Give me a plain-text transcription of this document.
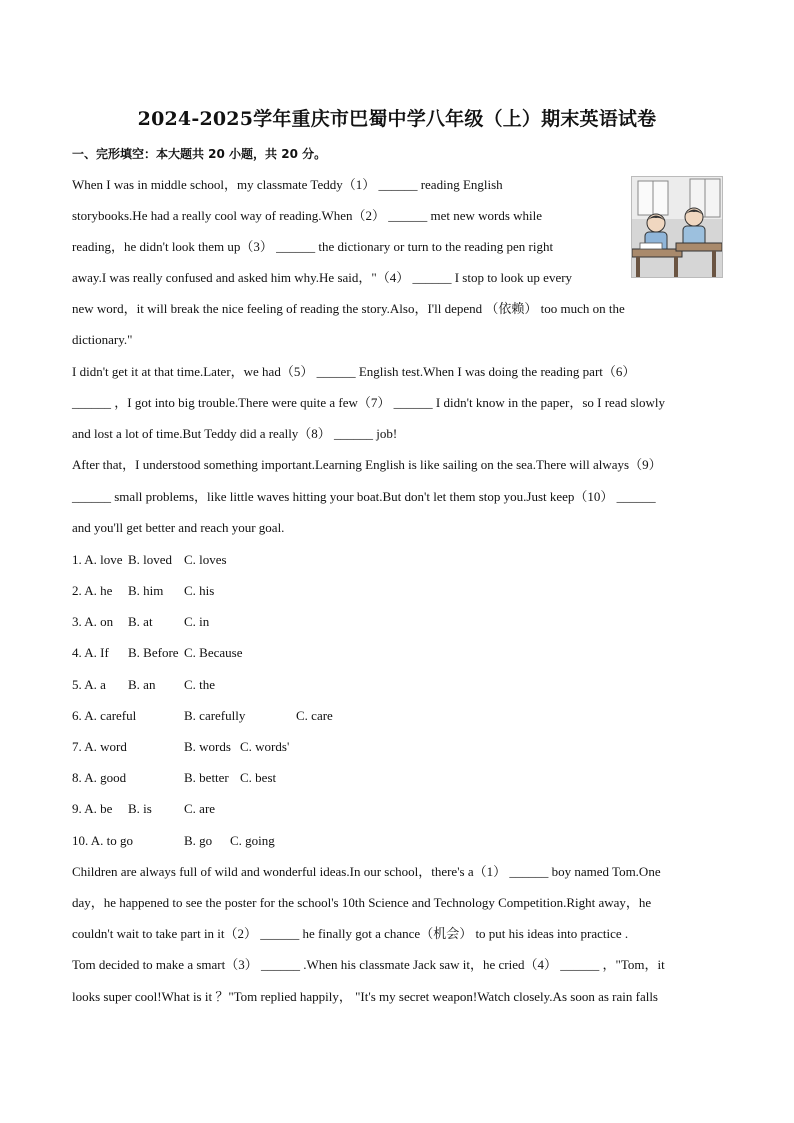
2024-2025学年重庆市巴蜀中学八年级（上）期末英语试卷
一、完形填空：本大题共 20 小题，共 20 分。
When I was in middle school，my classmate Teddy（1） ______ reading English
storybooks.He had a really cool way of reading.When（2） ______ met new words while
reading，he didn't look them up（3） ______ the dictionary or turn to the reading pen right
away.I was really confused and asked him why.He said，"（4） ______ I stop to look up every
new word，it will break the nice feeling of reading the story.Also，I'll depend （依赖） too much on the
dictionary."
I didn't get it at that time.Later，we had（5） ______ English test.When I was doing the reading part（6）
______ ，I got into big trouble.There were quite a few（7） ______ I didn't know in the paper，so I read slowly
and lost a lot of time.But Teddy did a really（8） ______ job!
After that，I understood something important.Learning English is like sailing on the sea.There will always（9）
______ small problems，like little waves hitting your boat.But don't let them stop you.Just keep（10） ______
and you'll get better and reach your goal.
1. A. love B. loved C. loves
2. A. he B. him C. his
3. A. on B. at C. in
4. A. If B. Before C. Because
5. A. a B. an C. the
6. A. careful	B. carefully	C. care
7. A. word	B. words C. words'
8. A. good	B. better C. best
9. A. be B. is C. are
10. A. to go	B. go C. going
Children are always full of wild and wonderful ideas.In our school，there's a（1） ______ boy named Tom.One
day，he happened to see the poster for the school's 10th Science and Technology Competition.Right away，he
couldn't wait to take part in it（2） ______ he finally got a chance（机会） to put his ideas into practice .
Tom decided to make a smart（3） ______ .When his classmate Jack saw it，he cried（4） ______ ，"Tom，it
looks super cool!What is it ？"Tom replied happily， "It's my secret weapon!Watch closely.As soon as rain falls
